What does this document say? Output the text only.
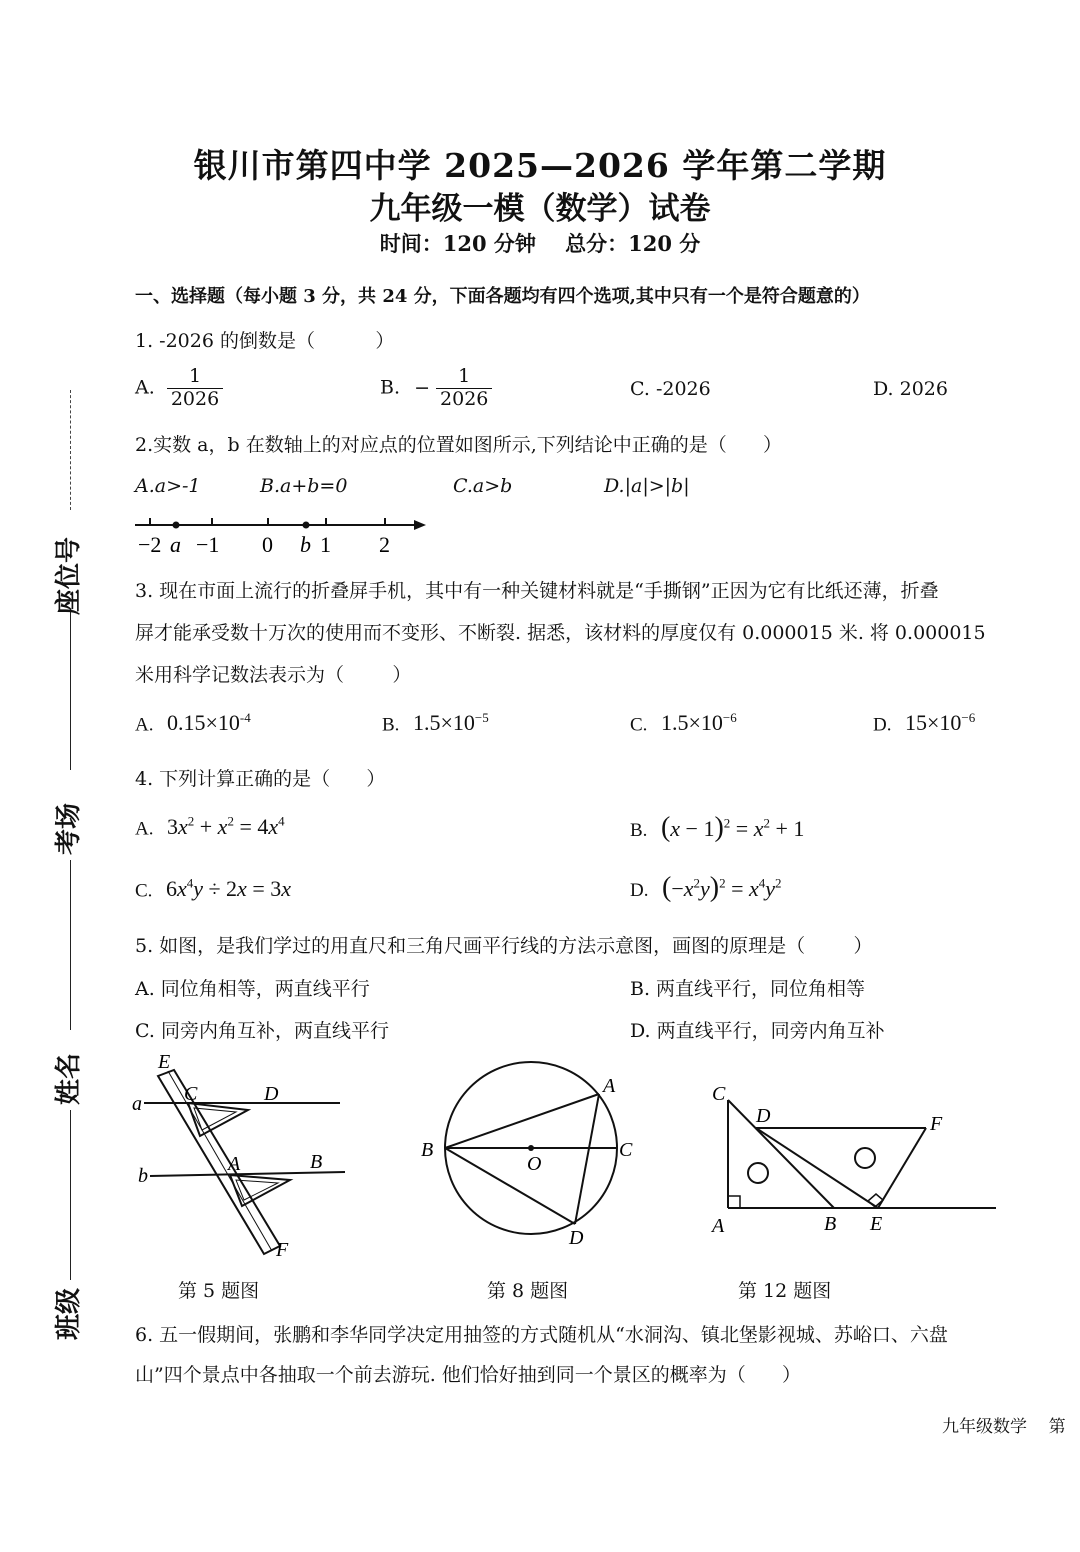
座位号
考场
姓名
班级
银川市第四中学 2025—2026 学年第二学期
九年级一模（数学）试卷
时间：120 分钟    总分：120 分
一、选择题（每小题 3 分，共 24 分，下面各题均有四个选项,其中只有一个是符合题意的）
1. -2026 的倒数是（          ）
A. $\frac{1}{2026}$	B. − $\frac{1}{2026}$	C. -2026	D. 2026
2.实数 a，b 在数轴上的对应点的位置如图所示,下列结论中正确的是（      ）
A.a>-1	B.a+b=0	C.a>b	D.|a|>|b|
−2 a −1 0 b 1 2
3. 现在市面上流行的折叠屏手机，其中有一种关键材料就是“手撕钢”正因为它有比纸还薄，折叠
屏才能承受数十万次的使用而不变形、不断裂. 据悉，该材料的厚度仅有 0.000015 米. 将 0.000015
米用科学记数法表示为（        ）
A. $0.15\times 10^{-4}$	B. $1.5\times 10^{-5}$	C. $1.5\times 10^{-6}$	D. $15\times 10^{-6}$
4. 下列计算正确的是（      ）
A. $3x^2 + x^2 = 4x^4$	B. $(x - 1)^2 = x^2 + 1$
C. $6x^4y \div 2x = 3x$	D. $(-x^2y)^2 = x^4y^2$
5. 如图，是我们学过的用直尺和三角尺画平行线的方法示意图，画图的原理是（        ）
A. 同位角相等，两直线平行	B. 两直线平行，同位角相等
C. 同旁内角互补，两直线平行	D. 两直线平行，同旁内角互补
E
C	D
a
A	B
b
F
第 5 题图
A
B
O
C
D
第 8 题图
C
D	F
A	B E
第 12 题图
6. 五一假期间，张鹏和李华同学决定用抽签的方式随机从“水洞沟、镇北堡影视城、苏峪口、六盘
山”四个景点中各抽取一个前去游玩. 他们恰好抽到同一个景区的概率为（      ）
九年级数学    第
